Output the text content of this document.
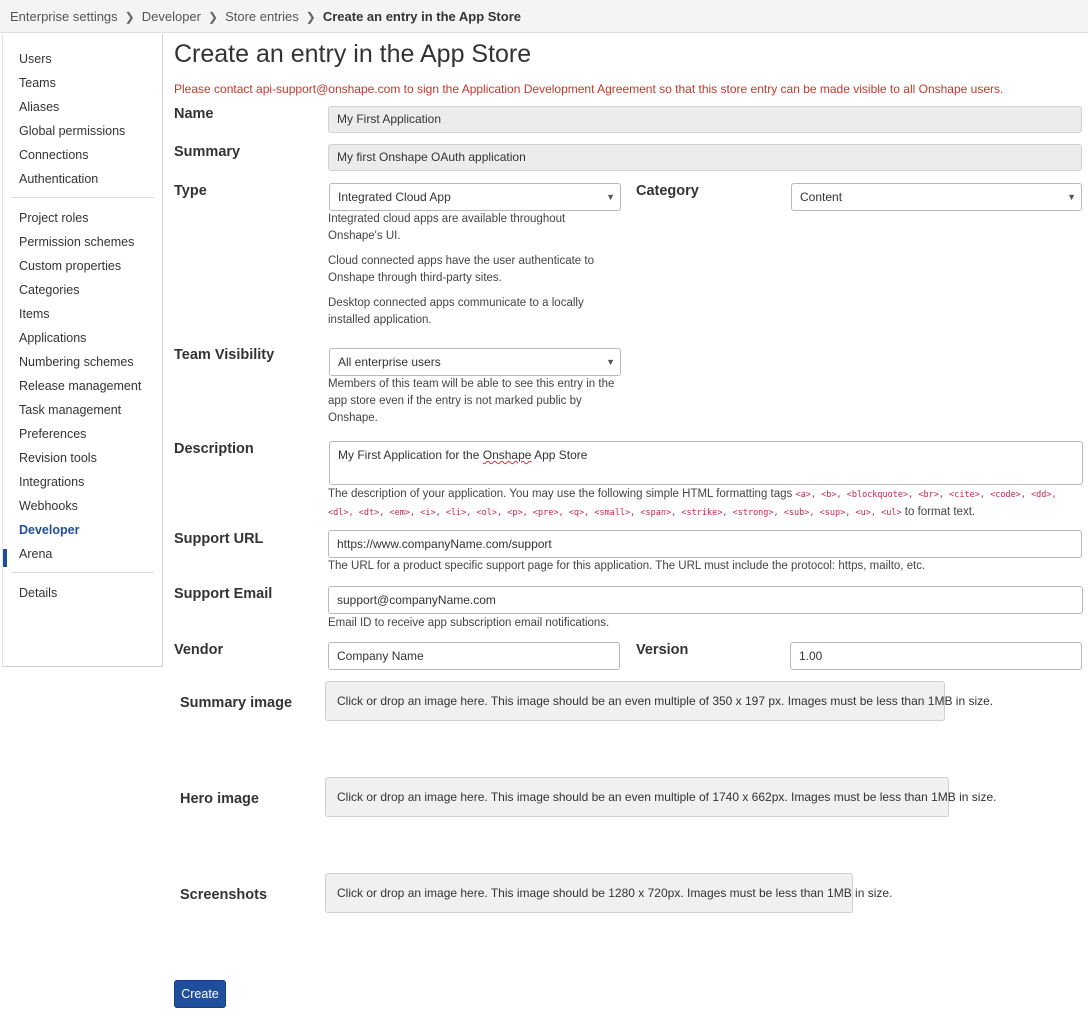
Enterprise settings ❯ Developer ❯ Store entries ❯ Create an entry in the App Store
Users
Teams
Aliases
Global permissions
Connections
Authentication
Project roles
Permission schemes
Custom properties
Categories
Items
Applications
Numbering schemes
Release management
Task management
Preferences
Revision tools
Integrations
Webhooks
Developer
Arena
Details
Create an entry in the App Store
Please contact api-support@onshape.com to sign the Application Development Agreement so that this store entry can be made visible to all Onshape users.
Name	My First Application
Summary	My first Onshape OAuth application
Type	Integrated Cloud App	▼
Integrated cloud apps are available throughout Onshape's UI.
Cloud connected apps have the user authenticate to Onshape through third-party sites.
Desktop connected apps communicate to a locally installed application.
Category	Content	▼
Team Visibility	All enterprise users	▼
Members of this team will be able to see this entry in the app store even if the entry is not marked public by Onshape.
Description	My First Application for the Onshape App Store
The description of your application. You may use the following simple HTML formatting tags <a>, <b>, <blockquote>, <br>, <cite>, <code>, <dd>, <dl>, <dt>, <em>, <i>, <li>, <ol>, <p>, <pre>, <q>, <small>, <span>, <strike>, <strong>, <sub>, <sup>, <u>, <ul> to format text.
Support URL	https://www.companyName.com/support
The URL for a product specific support page for this application. The URL must include the protocol: https, mailto, etc.
Support Email	support@companyName.com
Email ID to receive app subscription email notifications.
Vendor	Company Name	Version	1.00
Summary image	Click or drop an image here. This image should be an even multiple of 350 x 197 px. Images must be less than 1MB in size.
Hero image	Click or drop an image here. This image should be an even multiple of 1740 x 662px. Images must be less than 1MB in size.
Screenshots	Click or drop an image here. This image should be 1280 x 720px. Images must be less than 1MB in size.
Create
